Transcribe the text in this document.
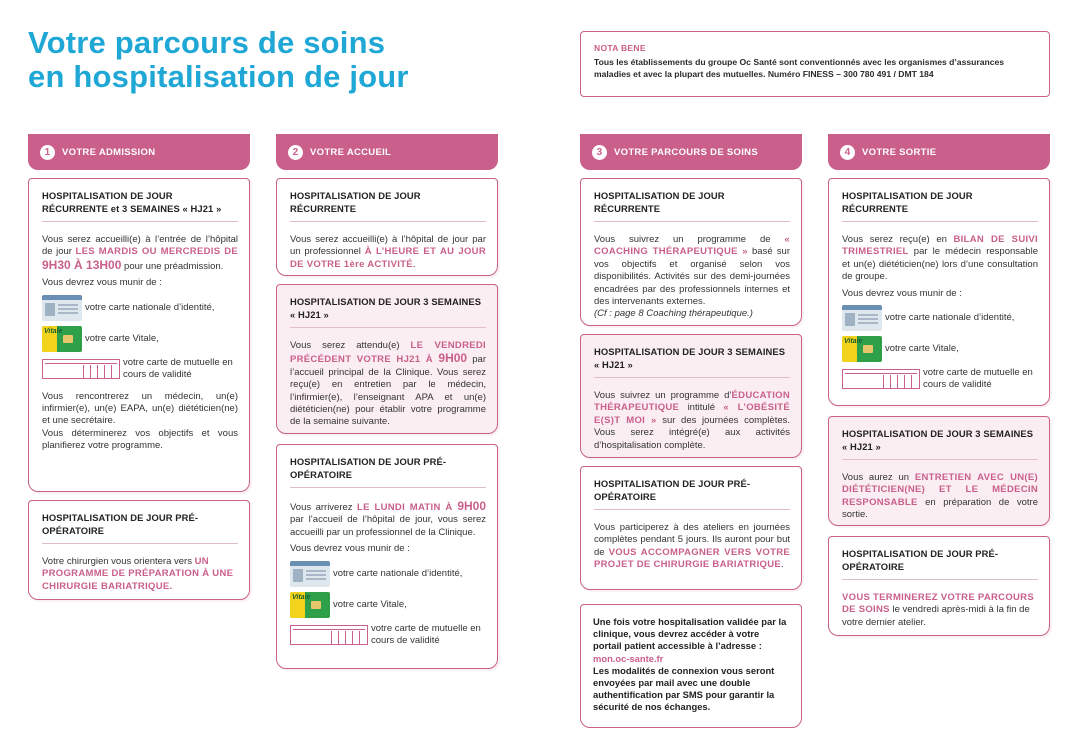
Votre parcours de soins
en hospitalisation de jour
NOTA BENE
Tous les établissements du groupe Oc Santé sont conventionnés avec les organismes d’assurances maladies et avec la plupart des mutuelles. Numéro FINESS – 300 780 491 / DMT 184
1	VOTRE ADMISSION
HOSPITALISATION DE JOUR RÉCURRENTE et 3 SEMAINES « HJ21 »
Vous serez accueilli(e) à l’entrée de l’hôpital de jour LES MARDIS OU MERCREDIS DE 9H30 À 13H00 pour une préadmission.
Vous devrez vous munir de :
votre carte nationale d’identité,
Vitale
votre carte Vitale,
votre carte de mutuelle en cours de validité
Vous rencontrerez un médecin, un(e) infirmier(e), un(e) EAPA, un(e) diététicien(ne) et une secrétaire.
Vous déterminerez vos objectifs et vous planifierez votre programme.
HOSPITALISATION DE JOUR PRÉ-OPÉRATOIRE
Votre chirurgien vous orientera vers UN PROGRAMME DE PRÉPARATION À UNE CHIRURGIE BARIATRIQUE.
2	VOTRE ACCUEIL
HOSPITALISATION DE JOUR RÉCURRENTE
Vous serez accueilli(e) à l’hôpital de jour par un professionnel À L’HEURE ET AU JOUR DE VOTRE 1ère ACTIVITÉ.
HOSPITALISATION DE JOUR 3 SEMAINES « HJ21 »
Vous serez attendu(e) LE VENDREDI PRÉCÉDENT VOTRE HJ21 À 9H00 par l’accueil principal de la Clinique. Vous serez reçu(e) en entretien par le médecin, l’infirmier(e), l’enseignant APA et un(e) diététicien(ne) pour établir votre programme de la semaine suivante.
HOSPITALISATION DE JOUR PRÉ-OPÉRATOIRE
Vous arriverez LE LUNDI MATIN À 9H00 par l’accueil de l’hôpital de jour, vous serez accueilli par un professionnel de la Clinique.
Vous devrez vous munir de :
votre carte nationale d’identité,
Vitale
votre carte Vitale,
votre carte de mutuelle en cours de validité
3	VOTRE PARCOURS DE SOINS
HOSPITALISATION DE JOUR RÉCURRENTE
Vous suivrez un programme de « COACHING THÉRAPEUTIQUE » basé sur vos objectifs et organisé selon vos disponibilités. Activités sur des demi-journées encadrées par des professionnels internes et des intervenants externes.
(Cf : page 8 Coaching thérapeutique.)
HOSPITALISATION DE JOUR 3 SEMAINES « HJ21 »
Vous suivrez un programme d’ÉDUCATION THÉRAPEUTIQUE intitulé « L’OBÉSITÉ E(S)T MOI » sur des journées complètes. Vous serez intégré(e) aux activités d’hospitalisation complète.
HOSPITALISATION DE JOUR PRÉ-OPÉRATOIRE
Vous participerez à des ateliers en journées complètes pendant 5 jours. Ils auront pour but de VOUS ACCOMPAGNER VERS VOTRE PROJET DE CHIRURGIE BARIATRIQUE.
Une fois votre hospitalisation validée par la clinique, vous devrez accéder à votre portail patient accessible à l’adresse :
mon.oc-sante.fr
Les modalités de connexion vous seront envoyées par mail avec une double authentification par SMS pour garantir la sécurité de nos échanges.
4	VOTRE SORTIE
HOSPITALISATION DE JOUR RÉCURRENTE
Vous serez reçu(e) en BILAN DE SUIVI TRIMESTRIEL par le médecin responsable et un(e) diététicien(ne) lors d’une consultation de groupe.
Vous devrez vous munir de :
votre carte nationale d’identité,
Vitale
votre carte Vitale,
votre carte de mutuelle en cours de validité
HOSPITALISATION DE JOUR 3 SEMAINES « HJ21 »
Vous aurez un ENTRETIEN AVEC UN(E) DIÉTÉTICIEN(NE) ET LE MÉDECIN RESPONSABLE en préparation de votre sortie.
HOSPITALISATION DE JOUR PRÉ-OPÉRATOIRE
VOUS TERMINEREZ VOTRE PARCOURS DE SOINS le vendredi après-midi à la fin de votre dernier atelier.
